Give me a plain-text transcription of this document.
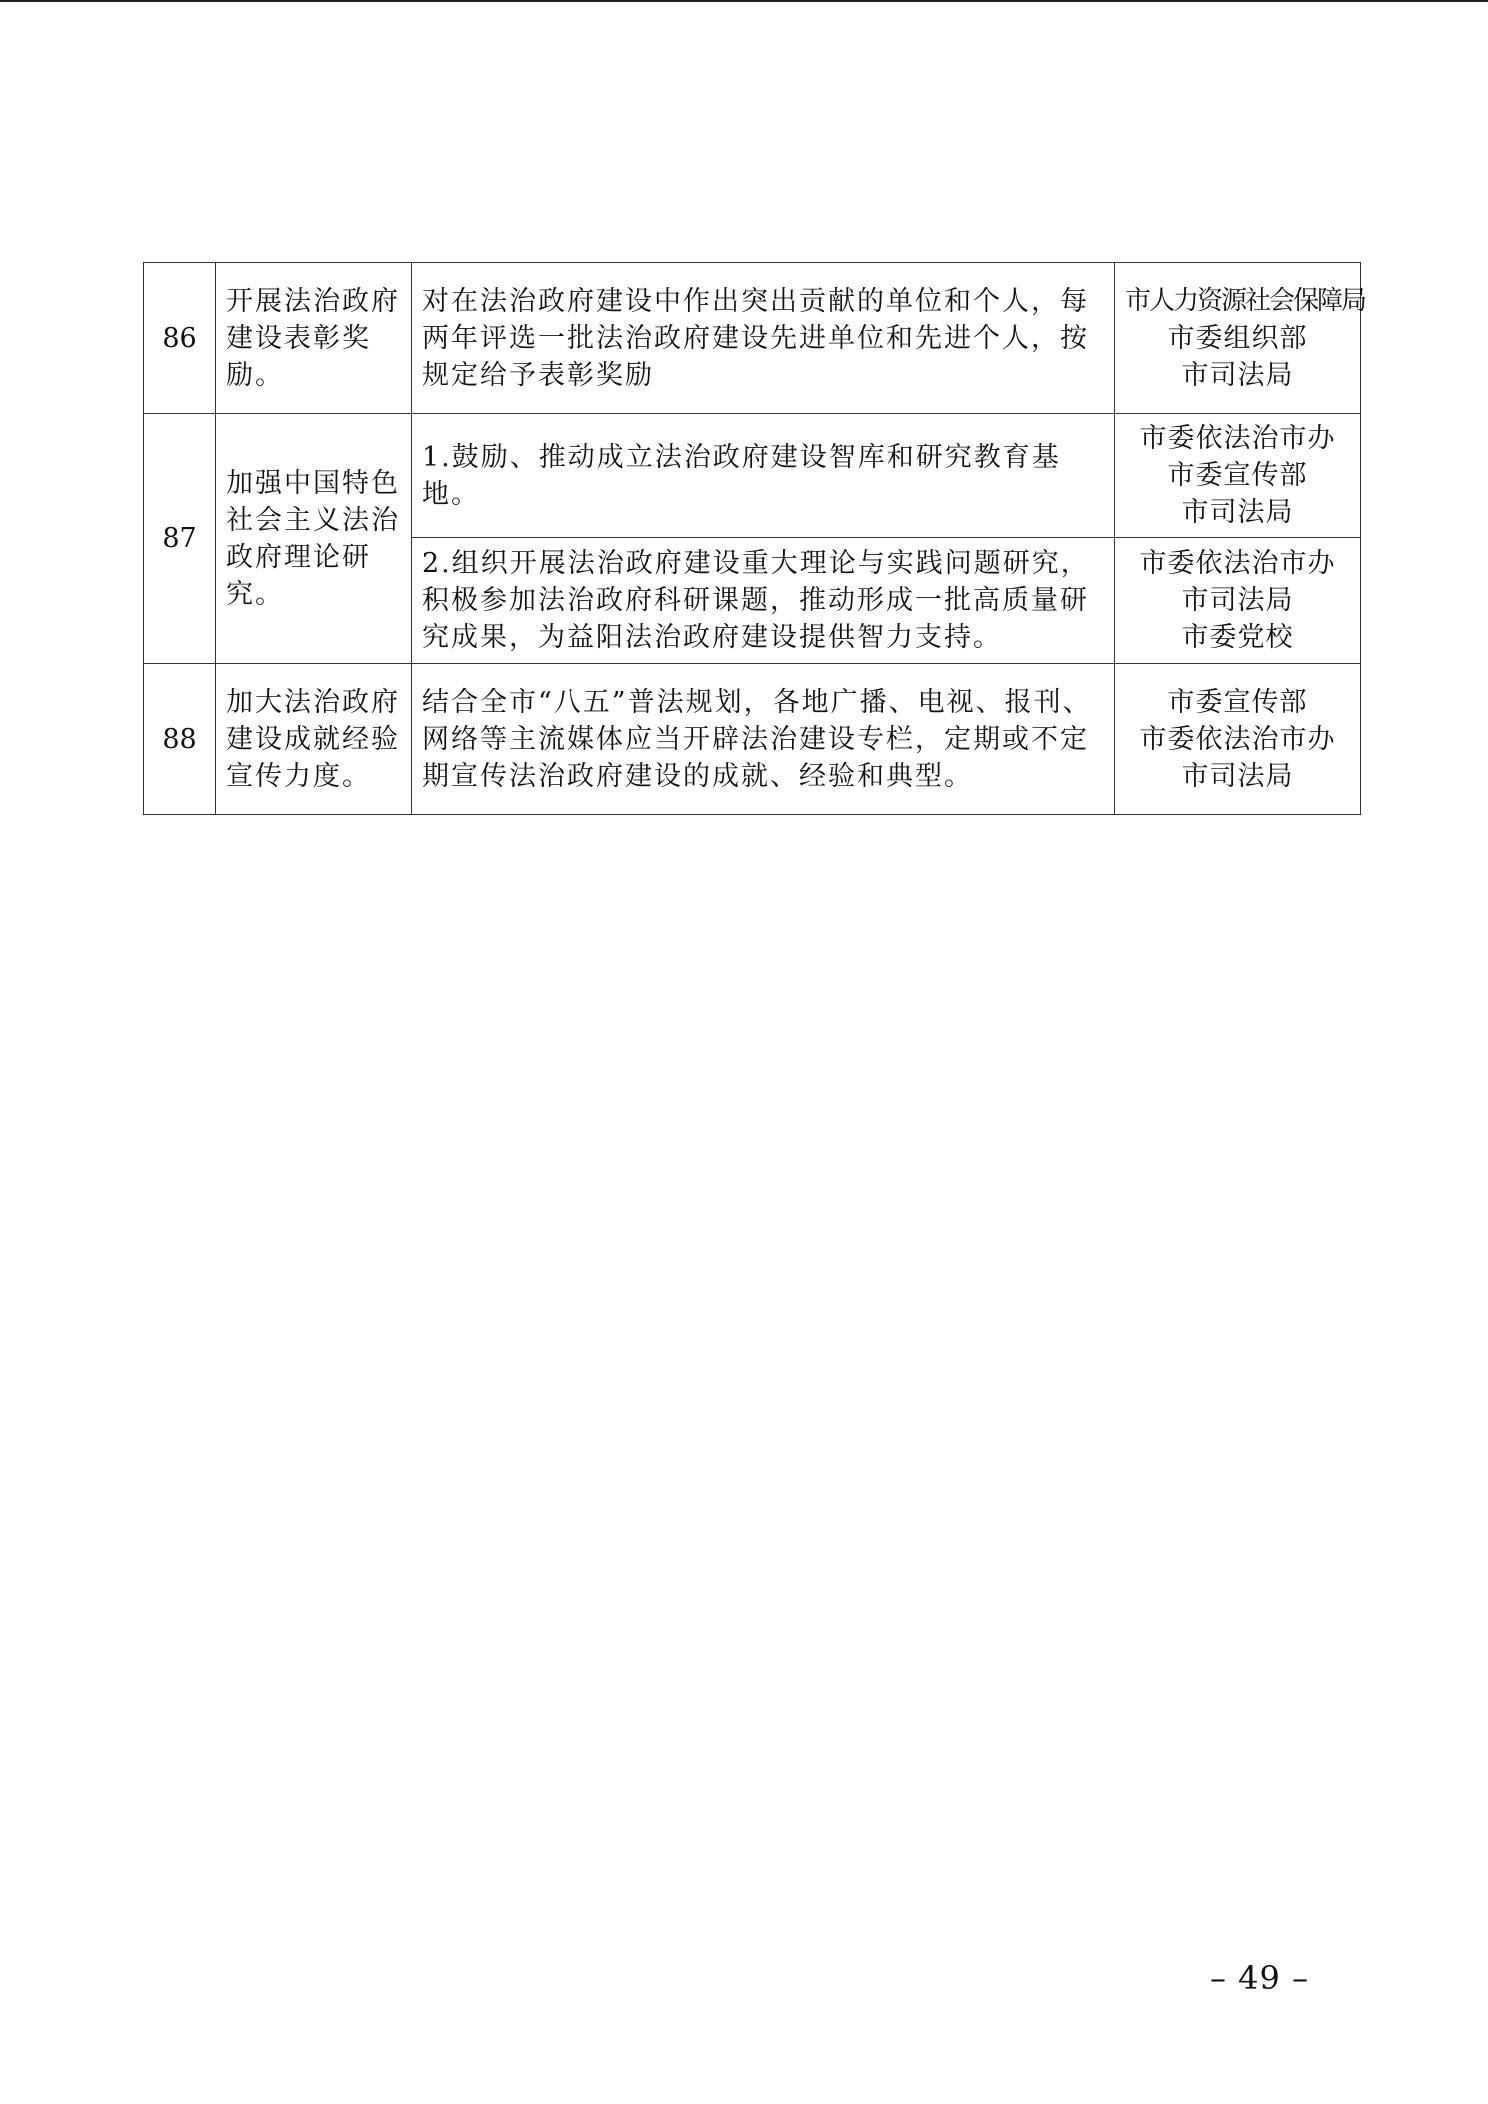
86	开展法治政府建设表彰奖励。	对在法治政府建设中作出突出贡献的单位和个人，每两年评选一批法治政府建设先进单位和先进个人，按规定给予表彰奖励	市人力资源社会保障局
市委组织部
市司法局

87	加强中国特色社会主义法治政府理论研究。	1.鼓励、推动成立法治政府建设智库和研究教育基地。	市委依法治市办
市委宣传部
市司法局

		2.组织开展法治政府建设重大理论与实践问题研究，积极参加法治政府科研课题，推动形成一批高质量研究成果，为益阳法治政府建设提供智力支持。	市委依法治市办
市司法局
市委党校

88	加大法治政府建设成就经验宣传力度。	结合全市“八五”普法规划，各地广播、电视、报刊、网络等主流媒体应当开辟法治建设专栏，定期或不定期宣传法治政府建设的成就、经验和典型。	市委宣传部
市委依法治市办
市司法局
– 49 –
